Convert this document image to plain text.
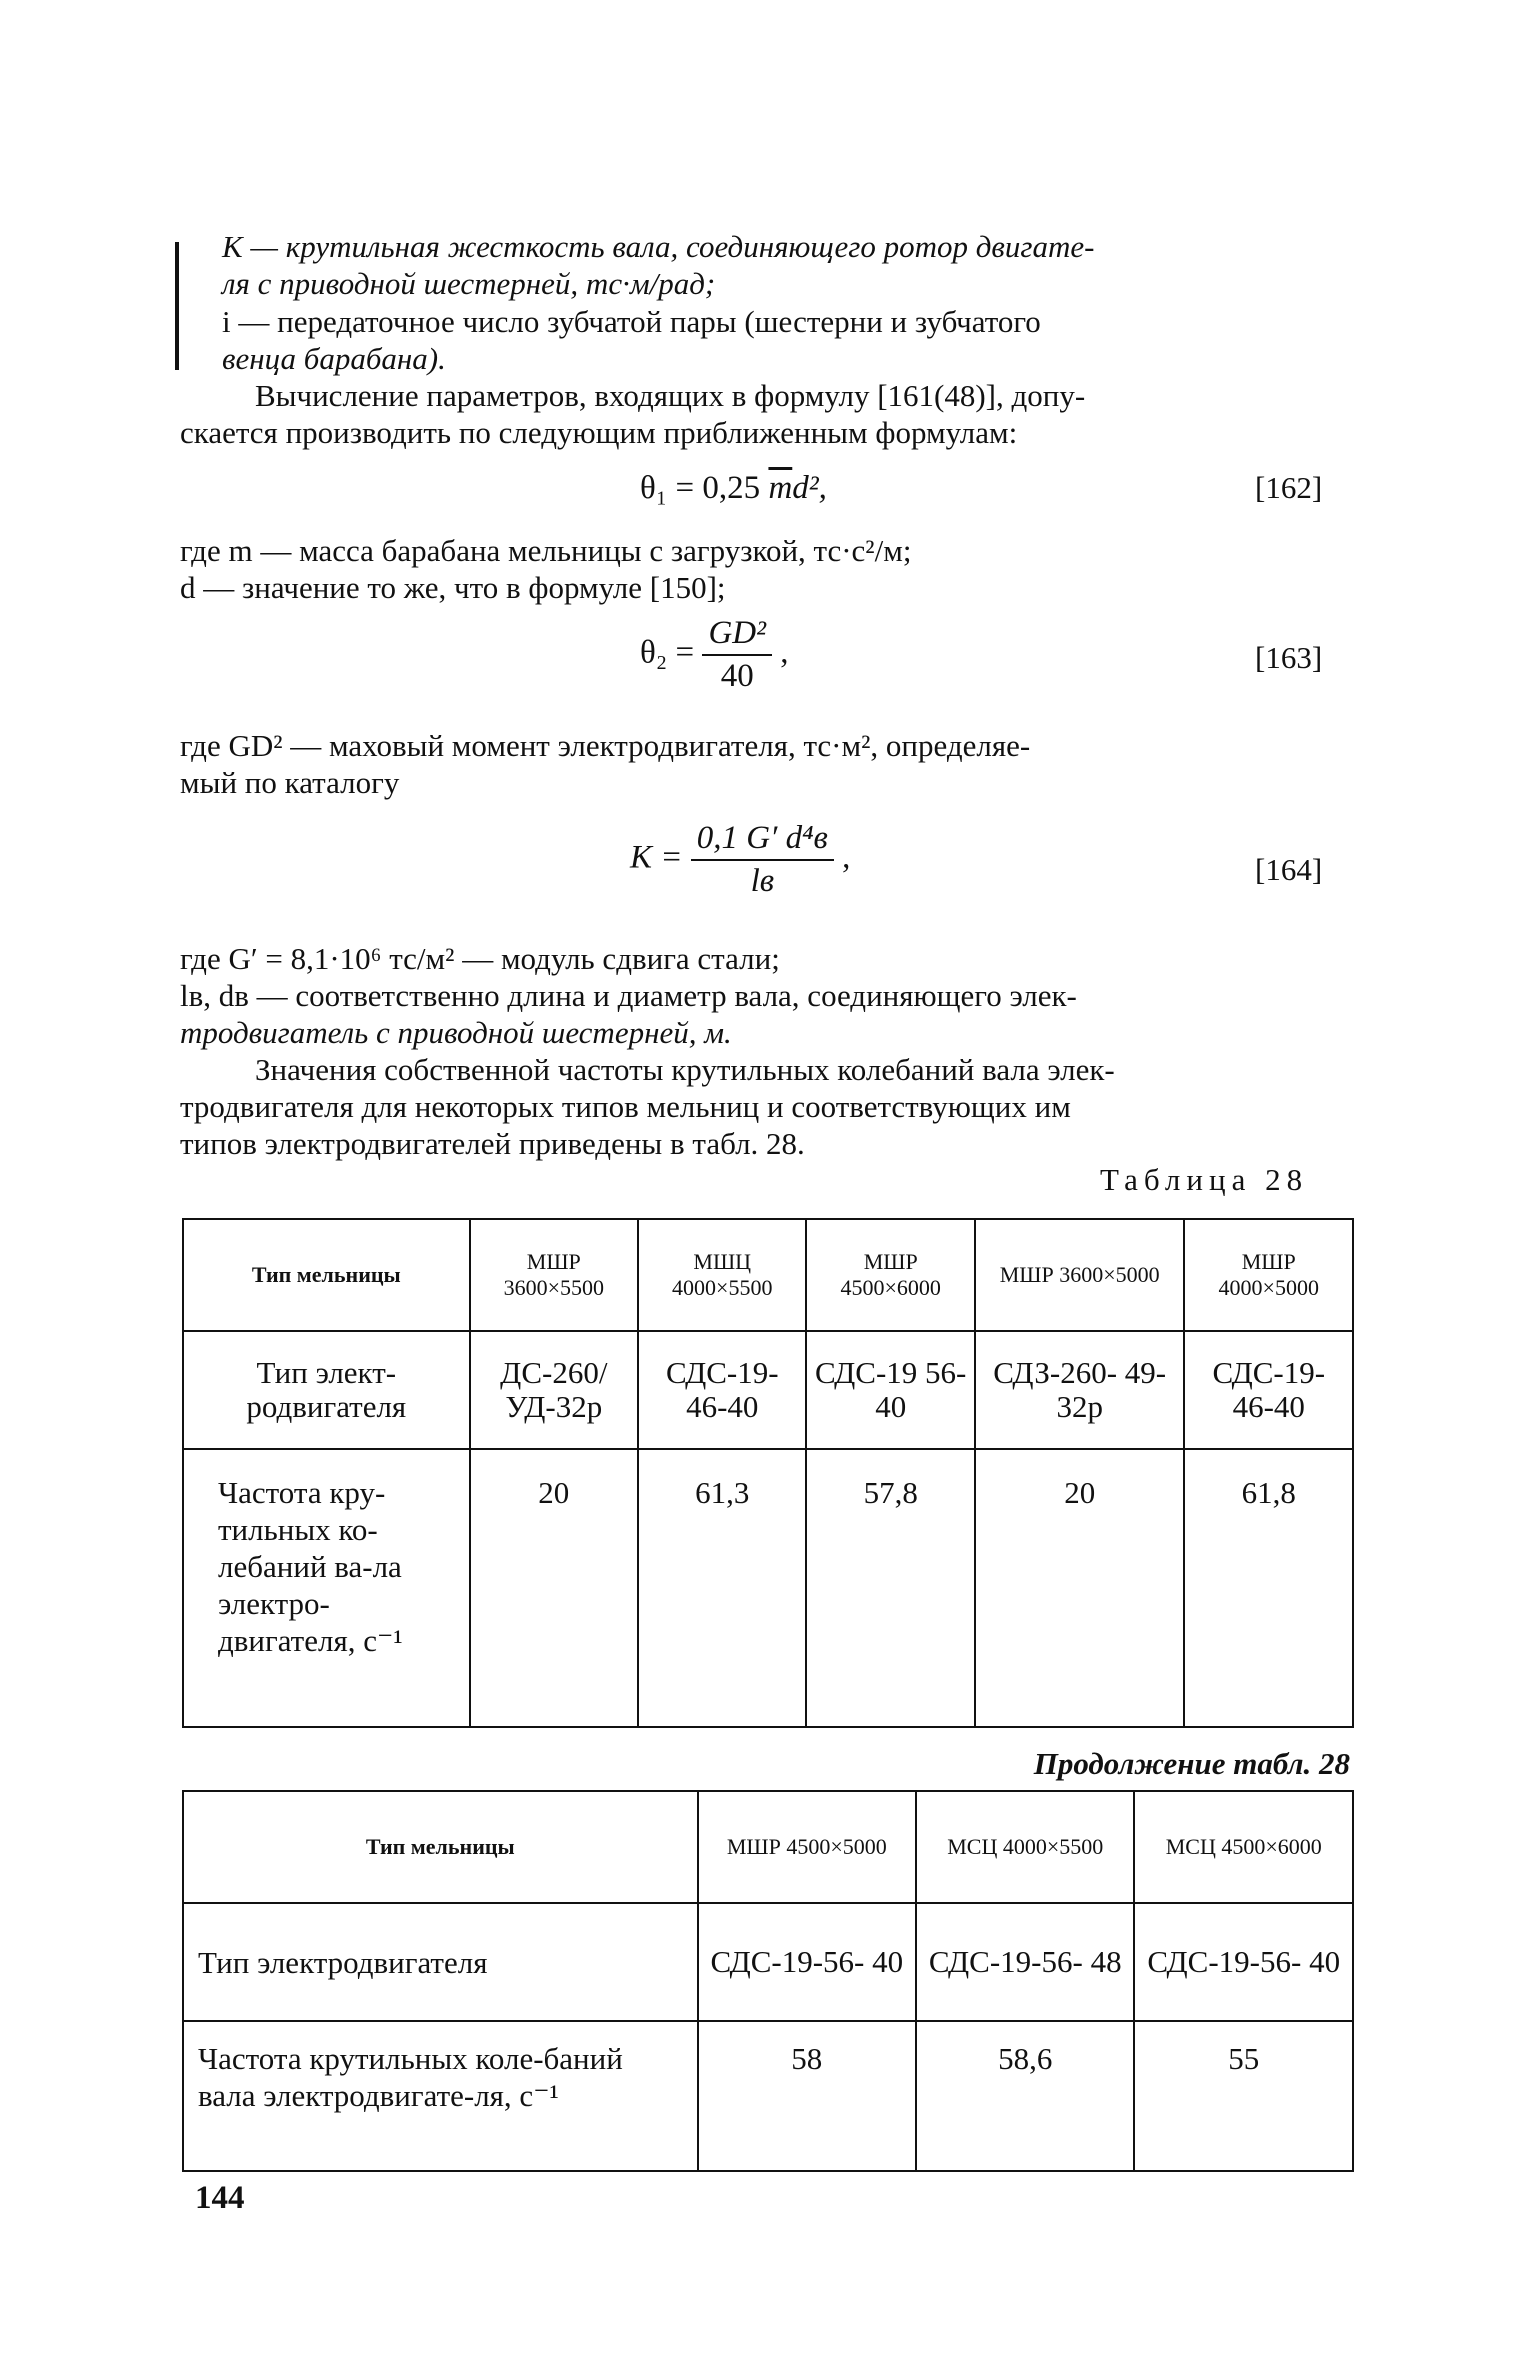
K — крутильная жесткость вала, соединяющего ротор двигате-
ля с приводной шестерней, тс·м/рад;
i — передаточное число зубчатой пары (шестерни и зубчатого
венца барабана).
Вычисление параметров, входящих в формулу [161(48)], допу-
скается производить по следующим приближенным формулам:
θ₁ = 0,25 $\overline{m}d^2$,	[162]
где m — масса барабана мельницы с загрузкой, тс·с²/м;
d — значение то же, что в формуле [150];
$\theta_2 = \frac{\text{GD²}}{40}$ ,	[163]
где GD² — маховый момент электродвигателя, тс·м², определяе-
мый по каталогу
$K = \frac{\text{0,1 G′ d⁴в}}{lв}$ ,	[164]
где G′ = 8,1·10⁶ тс/м² — модуль сдвига стали;
lв, dв — соответственно длина и диаметр вала, соединяющего элек-
тродвигатель с приводной шестерней, м.
Значения собственной частоты крутильных колебаний вала элек-
тродвигателя для некоторых типов мельниц и соответствующих им
типов электродвигателей приведены в табл. 28.
Таблица 28
Тип мельницы	МШР 3600×5500	МШЦ 4000×5500	МШР 4500×6000	МШР 3600×5000	МШР 4000×5000
Тип элект-родвигателя	ДС-260/ УД-32р	СДС-19- 46-40	СДС-19 56-40	СДЗ-260- 49-32р	СДС-19- 46-40
Частота кру-тильных ко-лебаний ва-ла электро-двигателя, с⁻¹	20	61,3	57,8	20	61,8
Продолжение табл. 28
Тип мельницы	МШР 4500×5000	МСЦ 4000×5500	МСЦ 4500×6000
Тип электродвигателя	СДС-19-56- 40	СДС-19-56- 48	СДС-19-56- 40
Частота крутильных коле-баний вала электродвигате-ля, с⁻¹	58	58,6	55
144
